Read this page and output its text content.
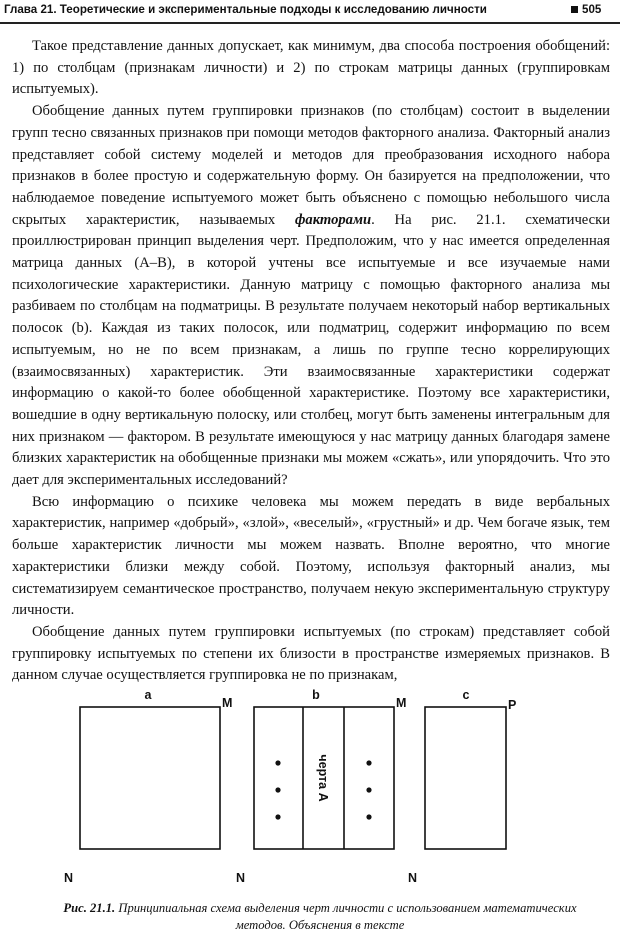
Глава 21. Теоретические и экспериментальные подходы к исследованию личности	505

Такое представление данных допускает, как минимум, два способа построения обобщений: 1) по столбцам (признакам личности) и 2) по строкам матрицы данных (группировкам испытуемых).

Обобщение данных путем группировки признаков (по столбцам) состоит в выделении групп тесно связанных признаков при помощи методов факторного анализа. Факторный анализ представляет собой систему моделей и методов для преобразования исходного набора признаков в более простую и содержательную форму. Он базируется на предположении, что наблюдаемое поведение испытуемого может быть объяснено с помощью небольшого числа скрытых характеристик, называемых факторами. На рис. 21.1. схематически проиллюстрирован принцип выделения черт. Предположим, что у нас имеется определенная матрица данных (А–В), в которой учтены все испытуемые и все изучаемые нами психологические характеристики. Данную матрицу с помощью факторного анализа мы разбиваем по столбцам на подматрицы. В результате получаем некоторый набор вертикальных полосок (b). Каждая из таких полосок, или подматриц, содержит информацию по всем испытуемым, но не по всем признакам, а лишь по группе тесно коррелирующих (взаимосвязанных) характеристик. Эти взаимосвязанные характеристики содержат информацию о какой-то более обобщенной характеристике. Поэтому все характеристики, вошедшие в одну вертикальную полоску, или столбец, могут быть заменены интегральным для них признаком — фактором. В результате имеющуюся у нас матрицу данных благодаря замене близких характеристик на обобщенные признаки мы можем «сжать», или упорядочить. Что это дает для экспериментальных исследований?

Всю информацию о психике человека мы можем передать в виде вербальных характеристик, например «добрый», «злой», «веселый», «грустный» и др. Чем богаче язык, тем больше характеристик личности мы можем назвать. Вполне вероятно, что многие характеристики близки между собой. Поэтому, используя факторный анализ, мы систематизируем семантическое пространство, получаем некую экспериментальную структуру личности.

Обобщение данных путем группировки испытуемых (по строкам) представляет собой группировку испытуемых по степени их близости в пространстве измеряемых признаков. В данном случае осуществляется группировка не по признакам,

a
M
N
b
M
N
черта А
c
P
N
Рис. 21.1. Принципиальная схема выделения черт личности с использованием математических методов. Объяснения в тексте
